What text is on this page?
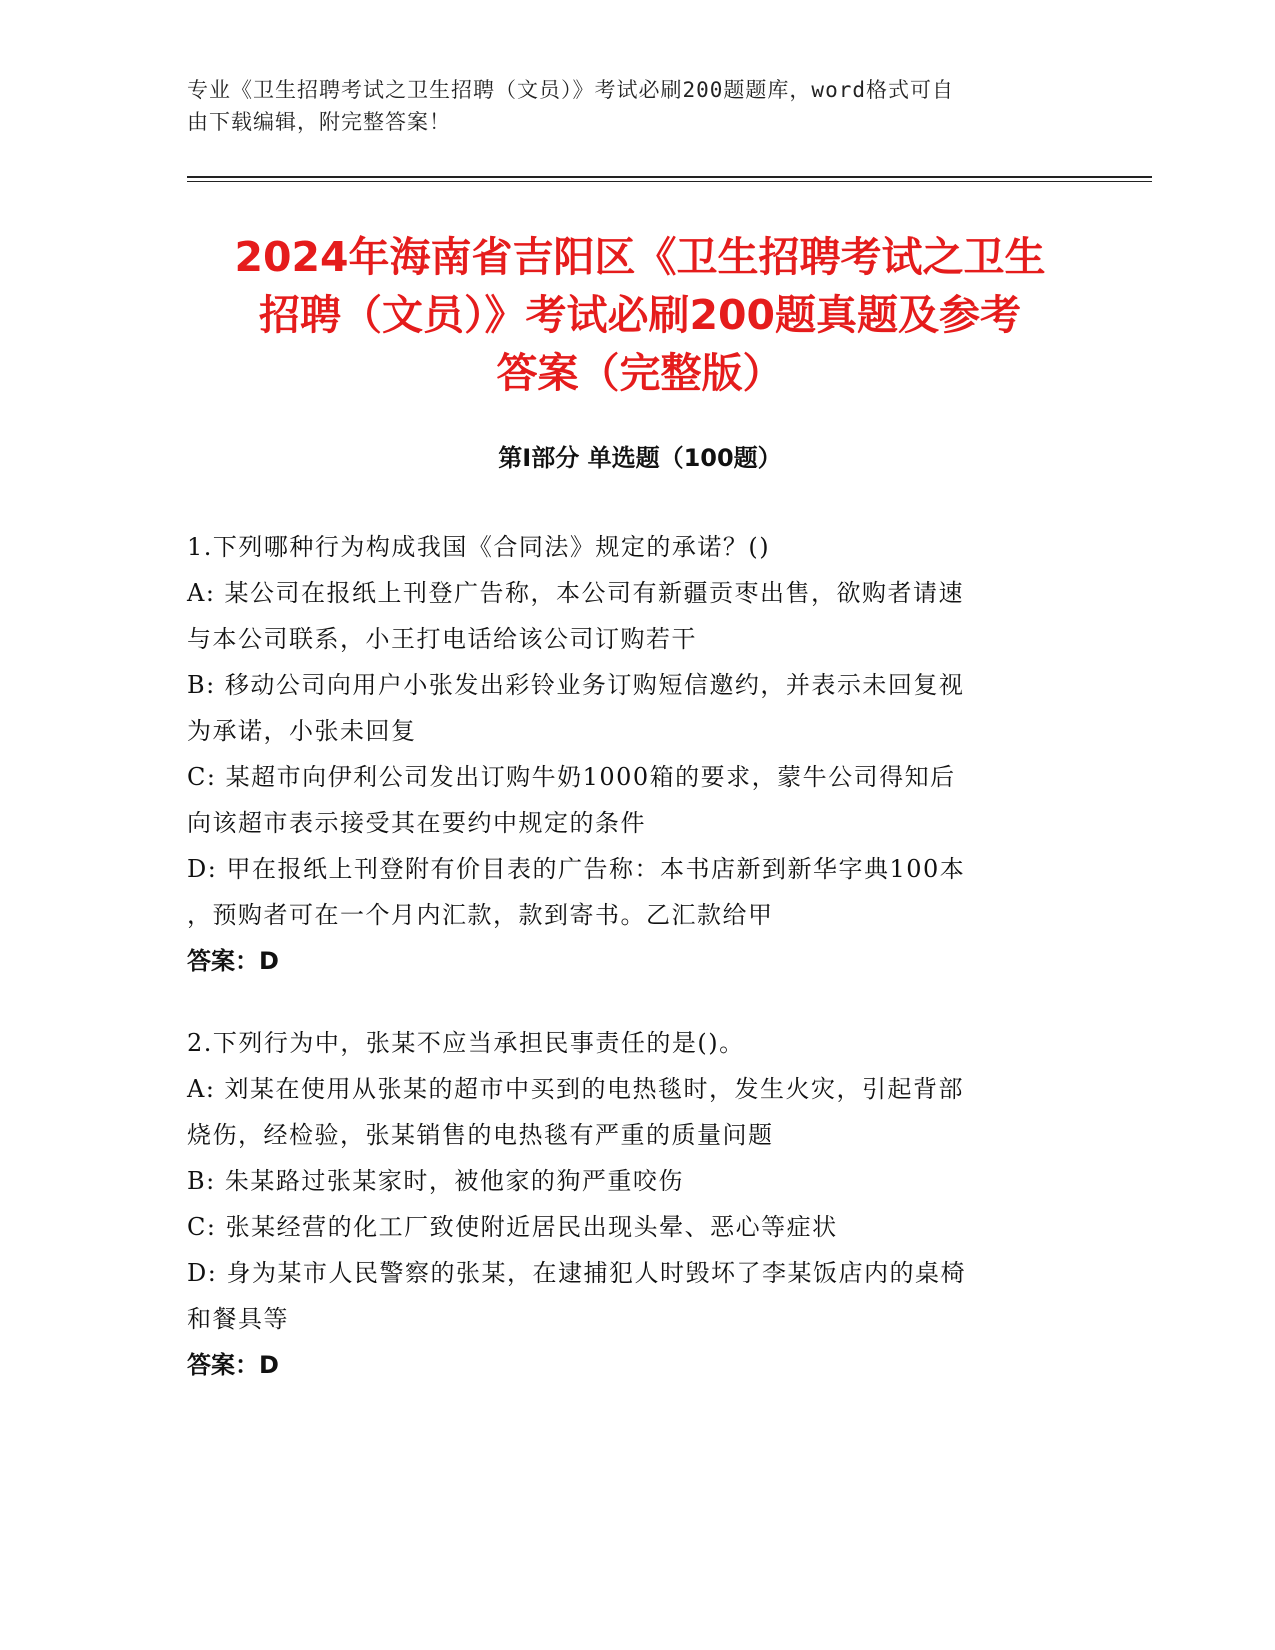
专业《卫生招聘考试之卫生招聘（文员）》考试必刷200题题库，word格式可自
由下载编辑，附完整答案！
2024年海南省吉阳区《卫生招聘考试之卫生
招聘（文员）》考试必刷200题真题及参考
答案（完整版）
第Ⅰ部分 单选题（100题）
1.下列哪种行为构成我国《合同法》规定的承诺？()
A: 某公司在报纸上刊登广告称，本公司有新疆贡枣出售，欲购者请速
与本公司联系，小王打电话给该公司订购若干
B: 移动公司向用户小张发出彩铃业务订购短信邀约，并表示未回复视
为承诺，小张未回复
C: 某超市向伊利公司发出订购牛奶1000箱的要求，蒙牛公司得知后
向该超市表示接受其在要约中规定的条件
D: 甲在报纸上刊登附有价目表的广告称：本书店新到新华字典100本
，预购者可在一个月内汇款，款到寄书。乙汇款给甲
答案：D
2.下列行为中，张某不应当承担民事责任的是()。
A: 刘某在使用从张某的超市中买到的电热毯时，发生火灾，引起背部
烧伤，经检验，张某销售的电热毯有严重的质量问题
B: 朱某路过张某家时，被他家的狗严重咬伤
C: 张某经营的化工厂致使附近居民出现头晕、恶心等症状
D: 身为某市人民警察的张某，在逮捕犯人时毁坏了李某饭店内的桌椅
和餐具等
答案：D
